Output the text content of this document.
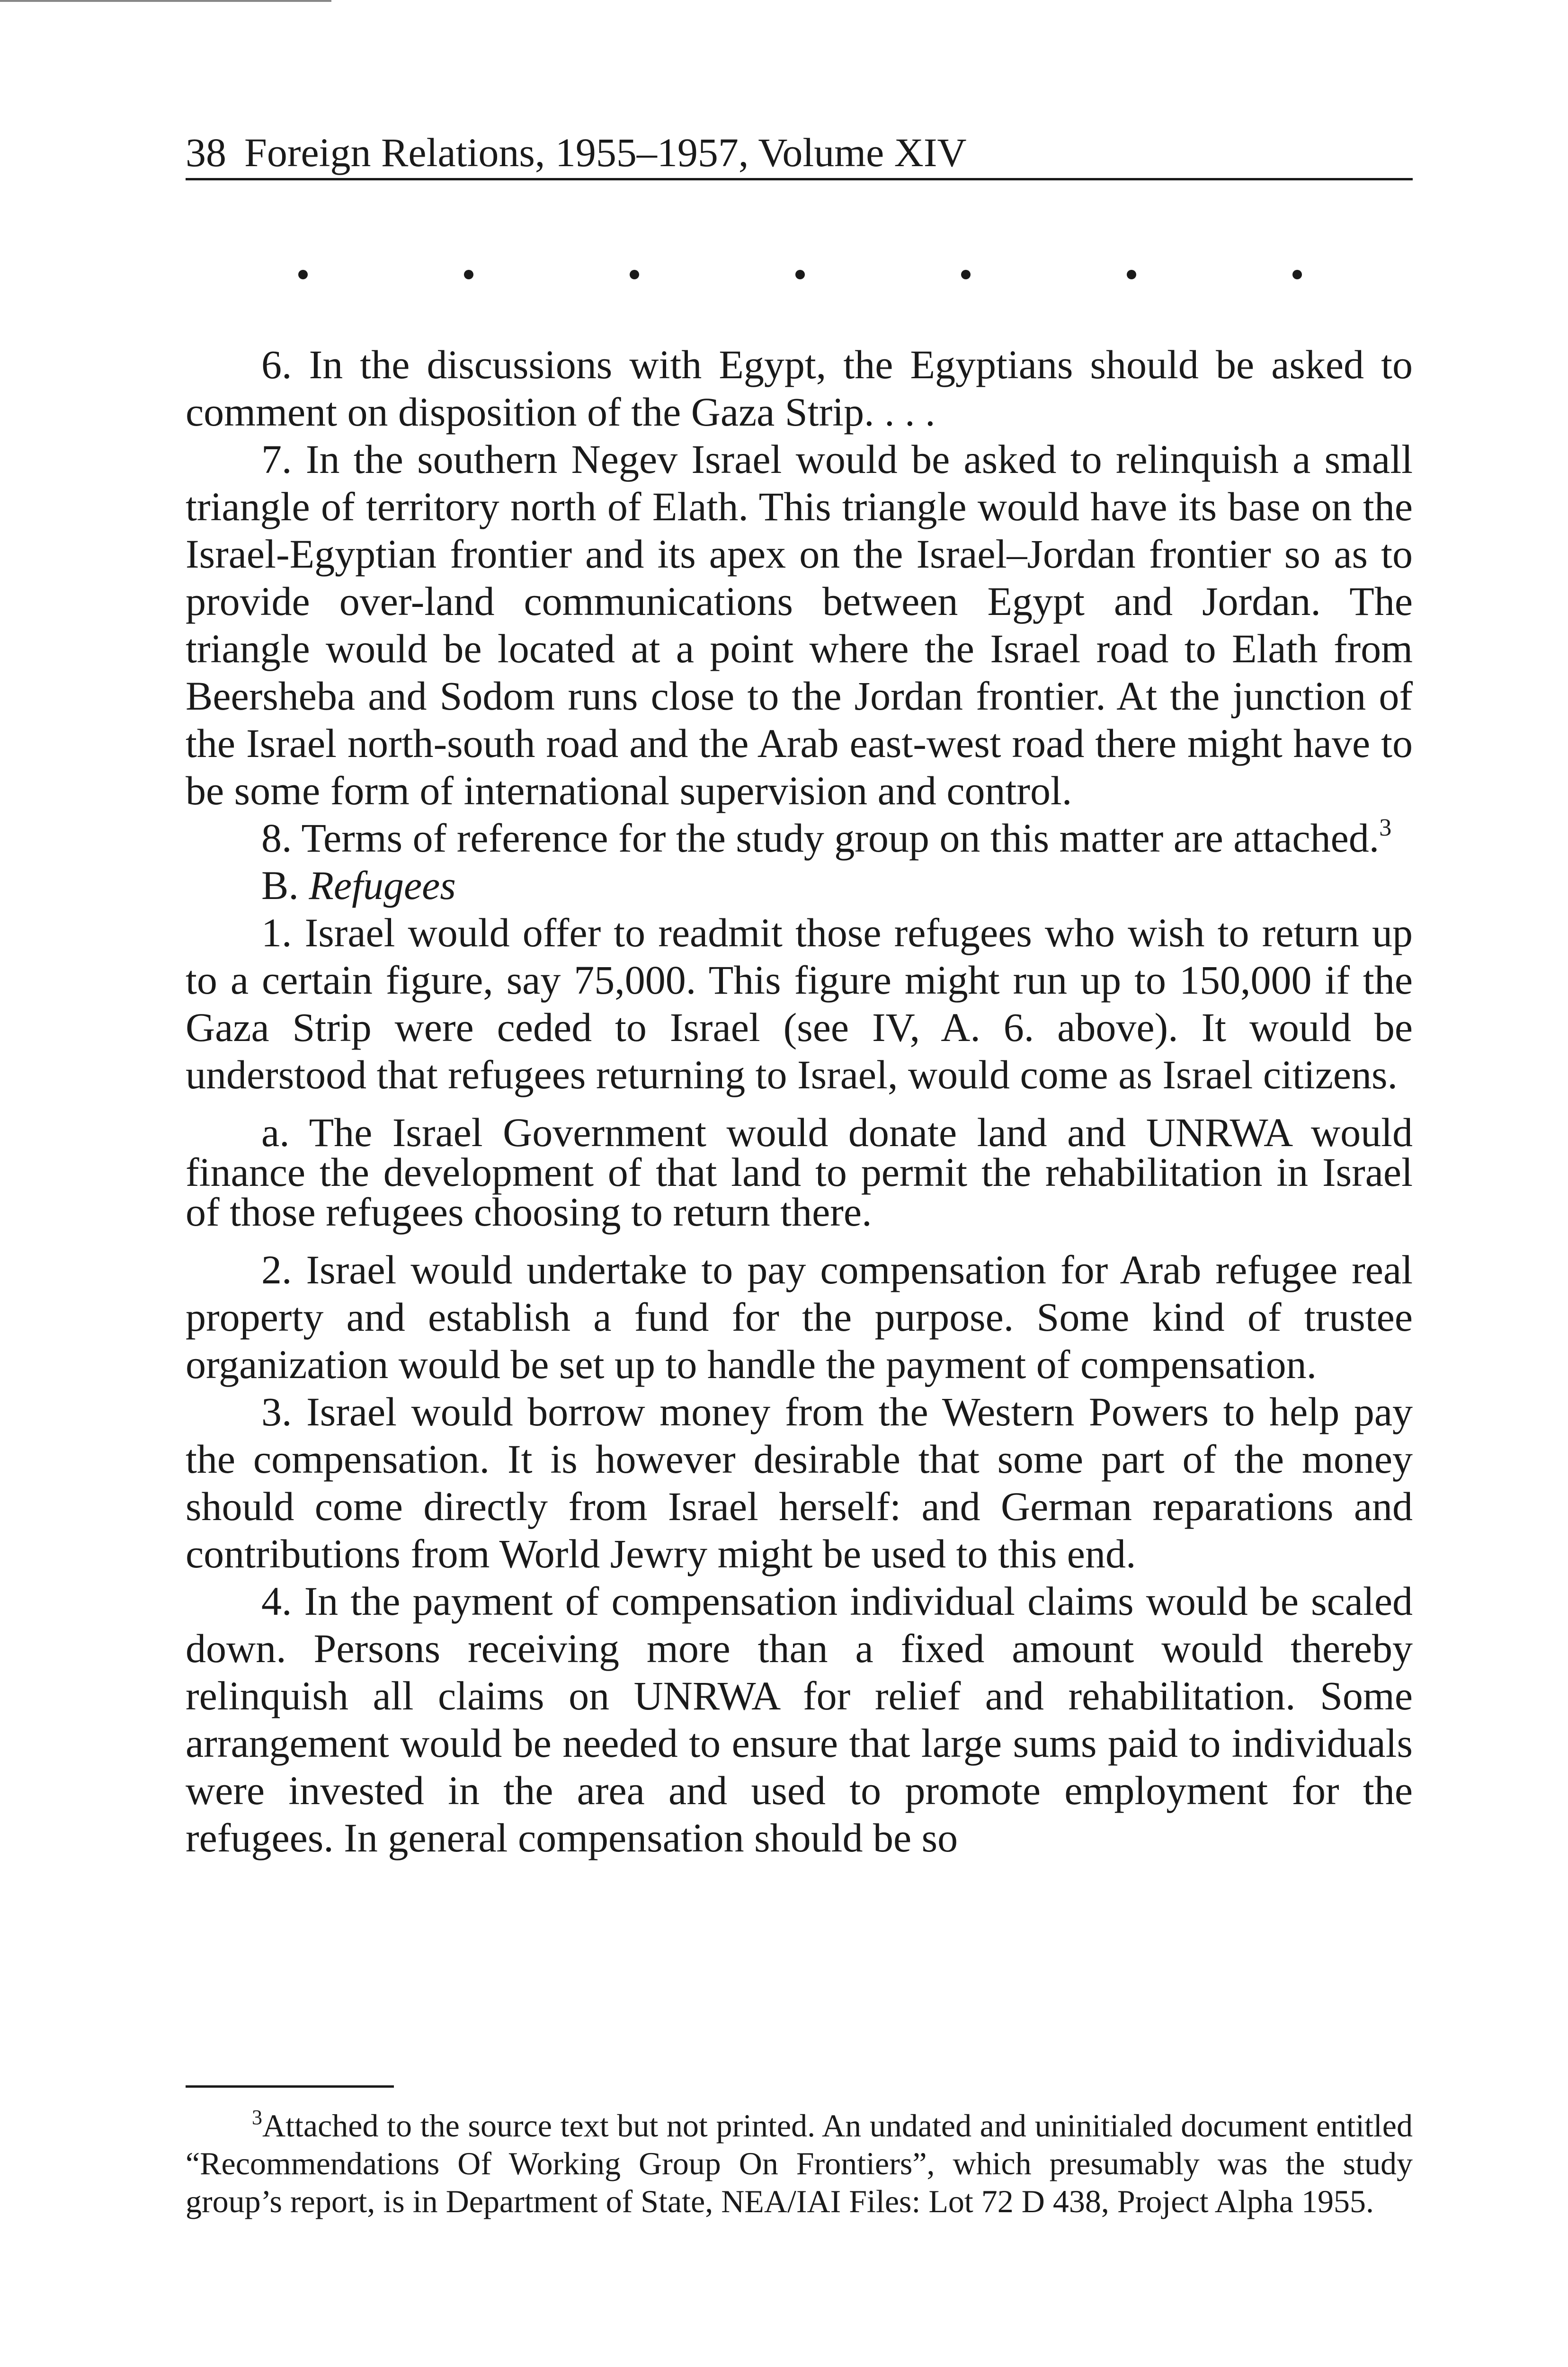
38 Foreign Relations, 1955–1957, Volume XIV

6. In the discussions with Egypt, the Egyptians should be asked to comment on disposition of the Gaza Strip. . . .

7. In the southern Negev Israel would be asked to relinquish a small triangle of territory north of Elath. This triangle would have its base on the Israel-Egyptian frontier and its apex on the Israel–Jordan frontier so as to provide over-land communications between Egypt and Jordan. The triangle would be located at a point where the Israel road to Elath from Beersheba and Sodom runs close to the Jordan frontier. At the junction of the Israel north-south road and the Arab east-west road there might have to be some form of international supervision and control.

8. Terms of reference for the study group on this matter are attached.$^3$

B. Refugees

1. Israel would offer to readmit those refugees who wish to return up to a certain figure, say 75,000. This figure might run up to 150,000 if the Gaza Strip were ceded to Israel (see IV, A. 6. above). It would be understood that refugees returning to Israel, would come as Israel citizens.

a. The Israel Government would donate land and UNRWA would finance the development of that land to permit the rehabilitation in Israel of those refugees choosing to return there.

2. Israel would undertake to pay compensation for Arab refugee real property and establish a fund for the purpose. Some kind of trustee organization would be set up to handle the payment of compensation.

3. Israel would borrow money from the Western Powers to help pay the compensation. It is however desirable that some part of the money should come directly from Israel herself: and German reparations and contributions from World Jewry might be used to this end.

4. In the payment of compensation individual claims would be scaled down. Persons receiving more than a fixed amount would thereby relinquish all claims on UNRWA for relief and rehabilitation. Some arrangement would be needed to ensure that large sums paid to individuals were invested in the area and used to promote employment for the refugees. In general compensation should be so

$^3$Attached to the source text but not printed. An undated and uninitialed document entitled “Recommendations Of Working Group On Frontiers”, which presumably was the study group’s report, is in Department of State, NEA/IAI Files: Lot 72 D 438, Project Alpha 1955.
